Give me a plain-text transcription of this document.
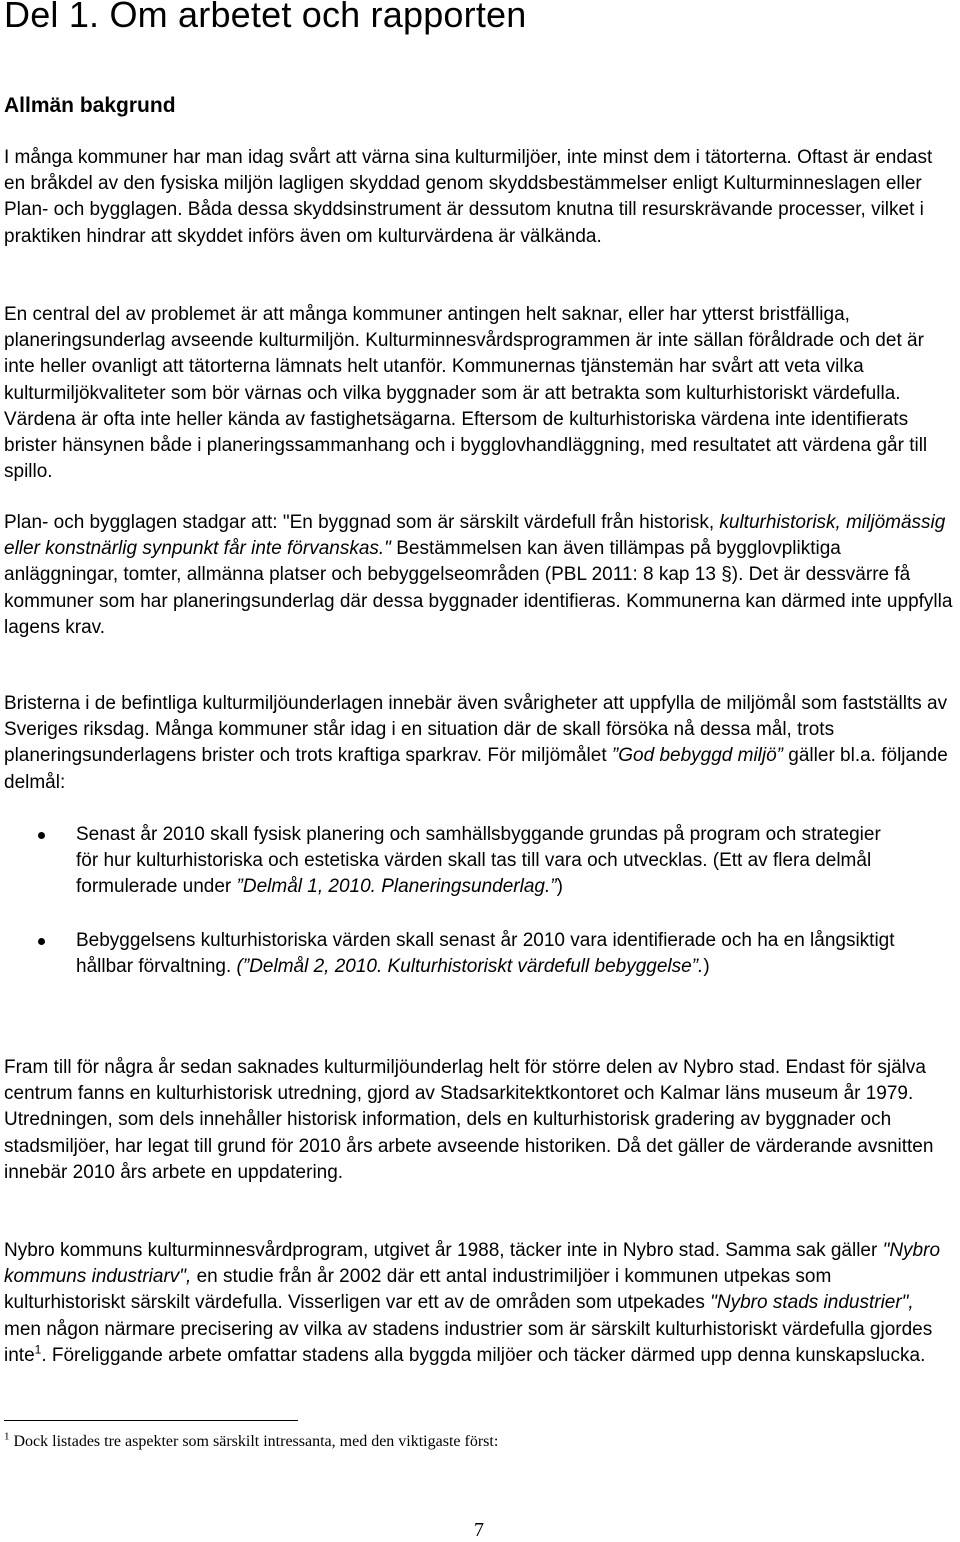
Del 1. Om arbetet och rapporten
Allmän bakgrund

I många kommuner har man idag svårt att värna sina kulturmiljöer, inte minst dem i tätorterna. Oftast är endast en bråkdel av den fysiska miljön lagligen skyddad genom skyddsbestämmelser enligt Kulturminneslagen eller Plan- och bygglagen. Båda dessa skyddsinstrument är dessutom knutna till resurskrävande processer, vilket i praktiken hindrar att skyddet införs även om kulturvärdena är välkända.

En central del av problemet är att många kommuner antingen helt saknar, eller har ytterst bristfälliga, planeringsunderlag avseende kulturmiljön. Kulturminnesvårdsprogrammen är inte sällan föråldrade och det är inte heller ovanligt att tätorterna lämnats helt utanför. Kommunernas tjänstemän har svårt att veta vilka kulturmiljökvaliteter som bör värnas och vilka byggnader som är att betrakta som kulturhistoriskt värdefulla. Värdena är ofta inte heller kända av fastighetsägarna. Eftersom de kulturhistoriska värdena inte identifierats brister hänsynen både i planeringssammanhang och i bygglovhandläggning, med resultatet att värdena går till spillo.

Plan- och bygglagen stadgar att: "En byggnad som är särskilt värdefull från historisk, kulturhistorisk, miljömässig eller konstnärlig synpunkt får inte förvanskas." Bestämmelsen kan även tillämpas på bygglovpliktiga anläggningar, tomter, allmänna platser och bebyggelseområden (PBL 2011: 8 kap 13 §). Det är dessvärre få kommuner som har planeringsunderlag där dessa byggnader identifieras. Kommunerna kan därmed inte uppfylla lagens krav.

Bristerna i de befintliga kulturmiljöunderlagen innebär även svårigheter att uppfylla de miljömål som fastställts av Sveriges riksdag. Många kommuner står idag i en situation där de skall försöka nå dessa mål, trots planeringsunderlagens brister och trots kraftiga sparkrav. För miljömålet ”God bebyggd miljö” gäller bl.a. följande delmål:

Senast år 2010 skall fysisk planering och samhällsbyggande grundas på program och strategier för hur kulturhistoriska och estetiska värden skall tas till vara och utvecklas. (Ett av flera delmål formulerade under ”Delmål 1, 2010. Planeringsunderlag.”)
Bebyggelsens kulturhistoriska värden skall senast år 2010 vara identifierade och ha en långsiktigt hållbar förvaltning. (”Delmål 2, 2010. Kulturhistoriskt värdefull bebyggelse”.)

Fram till för några år sedan saknades kulturmiljöunderlag helt för större delen av Nybro stad. Endast för själva centrum fanns en kulturhistorisk utredning, gjord av Stadsarkitektkontoret och Kalmar läns museum år 1979. Utredningen, som dels innehåller historisk information, dels en kulturhistorisk gradering av byggnader och stadsmiljöer, har legat till grund för 2010 års arbete avseende historiken. Då det gäller de värderande avsnitten innebär 2010 års arbete en uppdatering.

Nybro kommuns kulturminnesvårdprogram, utgivet år 1988, täcker inte in Nybro stad. Samma sak gäller "Nybro kommuns industriarv", en studie från år 2002 där ett antal industrimiljöer i kommunen utpekas som kulturhistoriskt särskilt värdefulla. Visserligen var ett av de områden som utpekades "Nybro stads industrier", men någon närmare precisering av vilka av stadens industrier som är särskilt kulturhistoriskt värdefulla gjordes inte$^1$. Föreliggande arbete omfattar stadens alla byggda miljöer och täcker därmed upp denna kunskapslucka.

$^1$ Dock listades tre aspekter som särskilt intressanta, med den viktigaste först:

7
